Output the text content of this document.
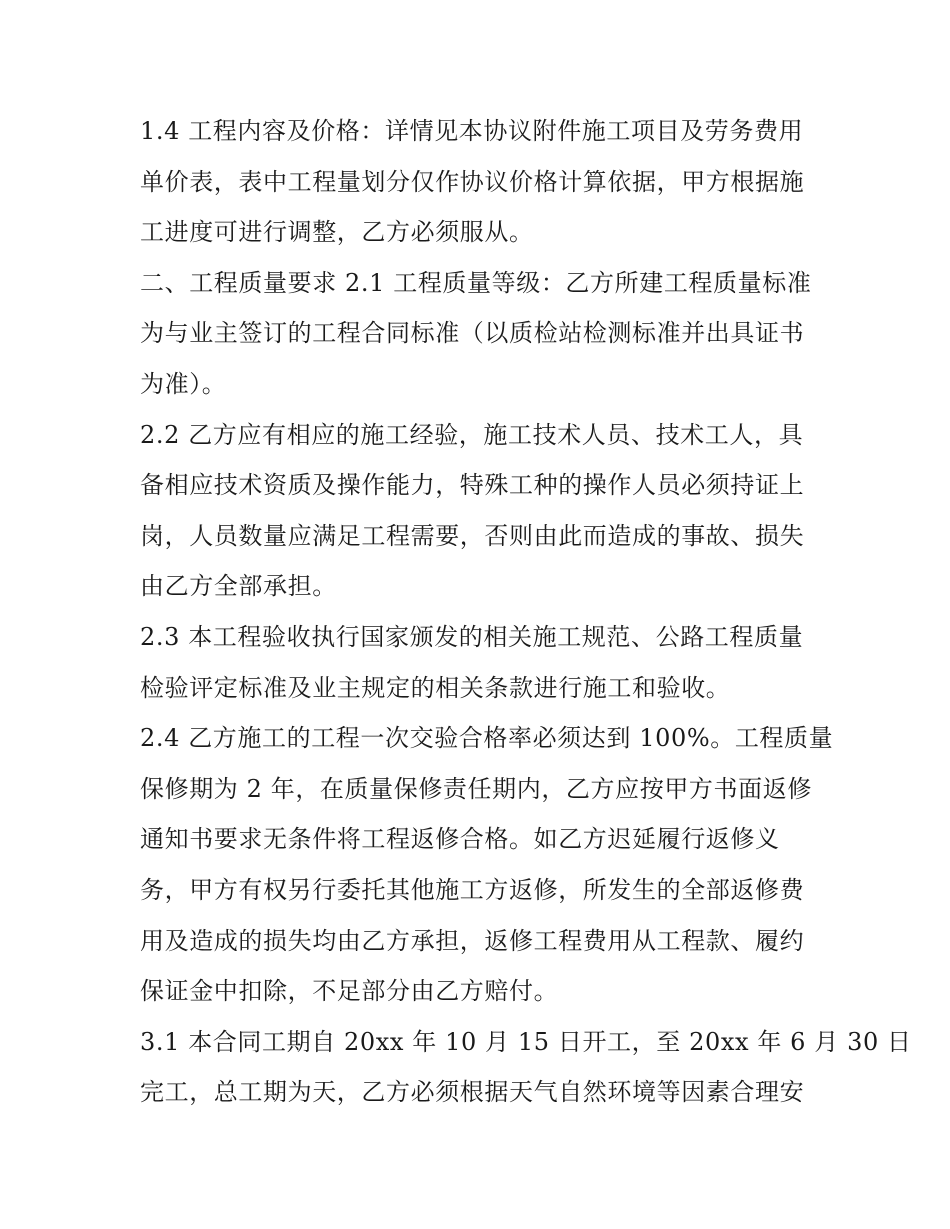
1.4 工程内容及价格：详情见本协议附件施工项目及劳务费用
单价表，表中工程量划分仅作协议价格计算依据，甲方根据施
工进度可进行调整，乙方必须服从。
二、工程质量要求 2.1 工程质量等级：乙方所建工程质量标准
为与业主签订的工程合同标准（以质检站检测标准并出具证书
为准）。
2.2 乙方应有相应的施工经验，施工技术人员、技术工人，具
备相应技术资质及操作能力，特殊工种的操作人员必须持证上
岗，人员数量应满足工程需要，否则由此而造成的事故、损失
由乙方全部承担。
2.3 本工程验收执行国家颁发的相关施工规范、公路工程质量
检验评定标准及业主规定的相关条款进行施工和验收。
2.4 乙方施工的工程一次交验合格率必须达到 100%。工程质量
保修期为 2 年，在质量保修责任期内，乙方应按甲方书面返修
通知书要求无条件将工程返修合格。如乙方迟延履行返修义
务，甲方有权另行委托其他施工方返修，所发生的全部返修费
用及造成的损失均由乙方承担，返修工程费用从工程款、履约
保证金中扣除，不足部分由乙方赔付。
3.1 本合同工期自 20xx 年 10 月 15 日开工，至 20xx 年 6 月 30 日
完工，总工期为天，乙方必须根据天气自然环境等因素合理安
